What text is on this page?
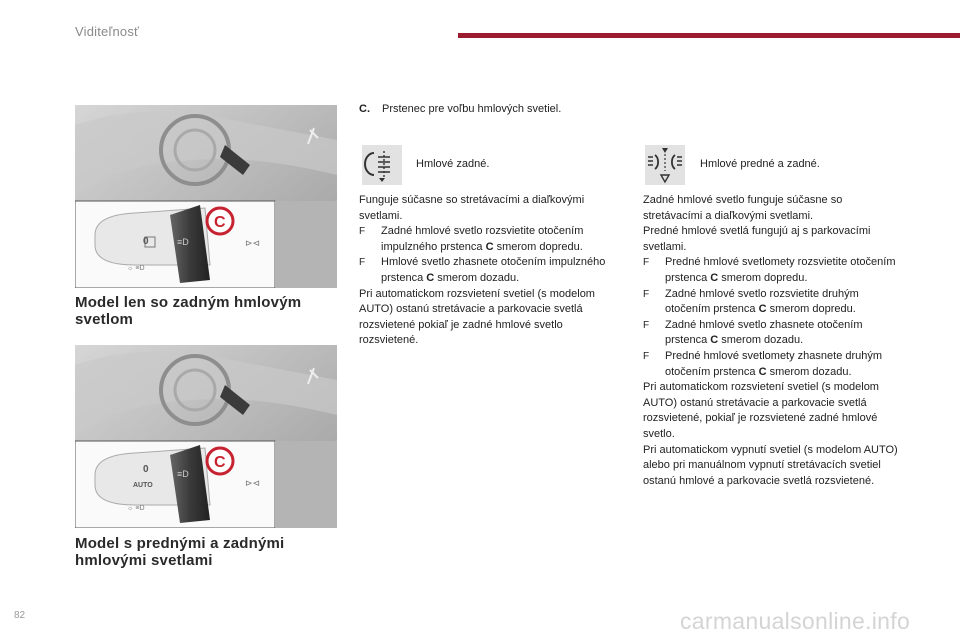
Viditeľnosť
0
☼ ≡D
≡D
C
⊳⊲
Model len so zadným hmlovým svetlom
0
AUTO
☼ ≡D
≡D
C
⊳⊲
Model s prednými a zadnými hmlovými svetlami
C. Prstenec pre voľbu hmlových svetiel.
Hmlové zadné.	Hmlové predné a zadné.

Funguje súčasne so stretávacími a diaľkovými svetlami.

F	Zadné hmlové svetlo rozsvietite otočením impulzného prstenca C smerom dopredu.
F	Hmlové svetlo zhasnete otočením impulzného prstenca C smerom dozadu.

Pri automatickom rozsvietení svetiel (s modelom AUTO) ostanú stretávacie a parkovacie svetlá rozsvietené pokiaľ je zadné hmlové svetlo rozsvietené.

Zadné hmlové svetlo funguje súčasne so stretávacími a diaľkovými svetlami.

Predné hmlové svetlá fungujú aj s parkovacími svetlami.

F	Predné hmlové svetlomety rozsvietite otočením prstenca C smerom dopredu.
F	Zadné hmlové svetlo rozsvietite druhým otočením prstenca C smerom dopredu.
F	Zadné hmlové svetlo zhasnete otočením prstenca C smerom dozadu.
F	Predné hmlové svetlomety zhasnete druhým otočením prstenca C smerom dozadu.

Pri automatickom rozsvietení svetiel (s modelom AUTO) ostanú stretávacie a parkovacie svetlá rozsvietené, pokiaľ je rozsvietené zadné hmlové svetlo.

Pri automatickom vypnutí svetiel (s modelom AUTO) alebo pri manuálnom vypnutí stretávacích svetiel ostanú hmlové a parkovacie svetlá rozsvietené.

82	carmanualsonline.info
